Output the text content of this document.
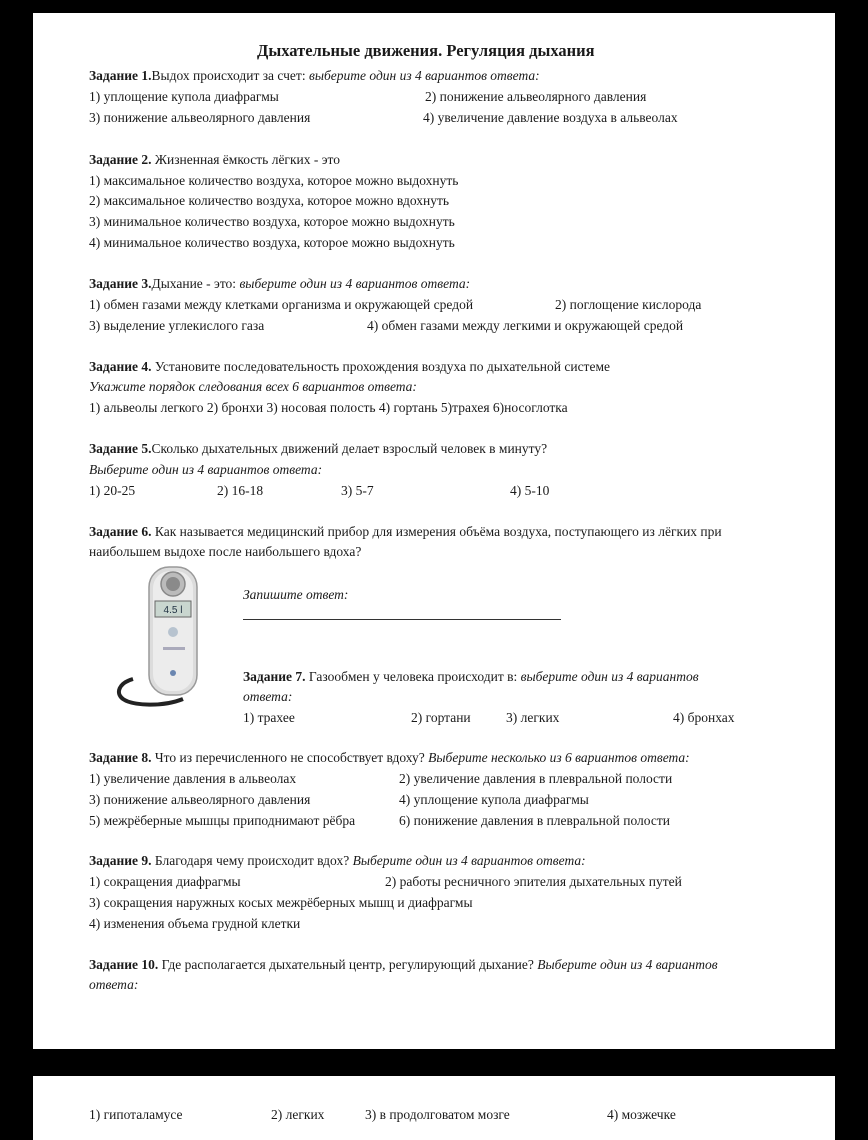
Дыхательные движения. Регуляция дыхания
Задание 1.Выдох происходит за счет: выберите один из 4 вариантов ответа:
1) уплощение купола диафрагмы	2) понижение альвеолярного давления
3) понижение альвеолярного давления	4) увеличение давление воздуха в альвеолах
Задание 2. Жизненная ёмкость лёгких - это
1) максимальное количество воздуха, которое можно выдохнуть
2) максимальное количество воздуха, которое можно вдохнуть
3) минимальное количество воздуха, которое можно выдохнуть
4) минимальное количество воздуха, которое можно выдохнуть
Задание 3.Дыхание - это: выберите один из 4 вариантов ответа:
1) обмен газами между клетками организма и окружающей средой	2) поглощение кислорода
3) выделение углекислого газа	4) обмен газами между легкими и окружающей средой
Задание 4. Установите последовательность прохождения воздуха по дыхательной системе
Укажите порядок следования всех 6 вариантов ответа:
1) альвеолы легкого 2) бронхи 3) носовая полость 4) гортань 5)трахея 6)носоглотка
Задание 5.Сколько дыхательных движений делает взрослый человек в минуту?
Выберите один из 4 вариантов ответа:
1) 20-25	2) 16-18	3) 5-7	4) 5-10
Задание 6. Как называется медицинский прибор для измерения объёма воздуха, поступающего из лёгких при
наибольшем выдохе после наибольшего вдоха?
4.5 l
Запишите ответ:
Задание 7. Газообмен у человека происходит в: выберите один из 4 вариантов
ответа:
1) трахее	2) гортани	3) легких	4) бронхах
Задание 8. Что из перечисленного не способствует вдоху? Выберите несколько из 6 вариантов ответа:
1) увеличение давления в альвеолах	2) увеличение давления в плевральной полости
3) понижение альвеолярного давления	4) уплощение купола диафрагмы
5) межрёберные мышцы приподнимают рёбра	6) понижение давления в плевральной полости
Задание 9. Благодаря чему происходит вдох? Выберите один из 4 вариантов ответа:
1) сокращения диафрагмы	2) работы ресничного эпителия дыхательных путей
3) сокращения наружных косых межрёберных мышц и диафрагмы
4) изменения объема грудной клетки
Задание 10. Где располагается дыхательный центр, регулирующий дыхание? Выберите один из 4 вариантов
ответа:
1) гипоталамусе	2) легких	3) в продолговатом мозге	4) мозжечке
